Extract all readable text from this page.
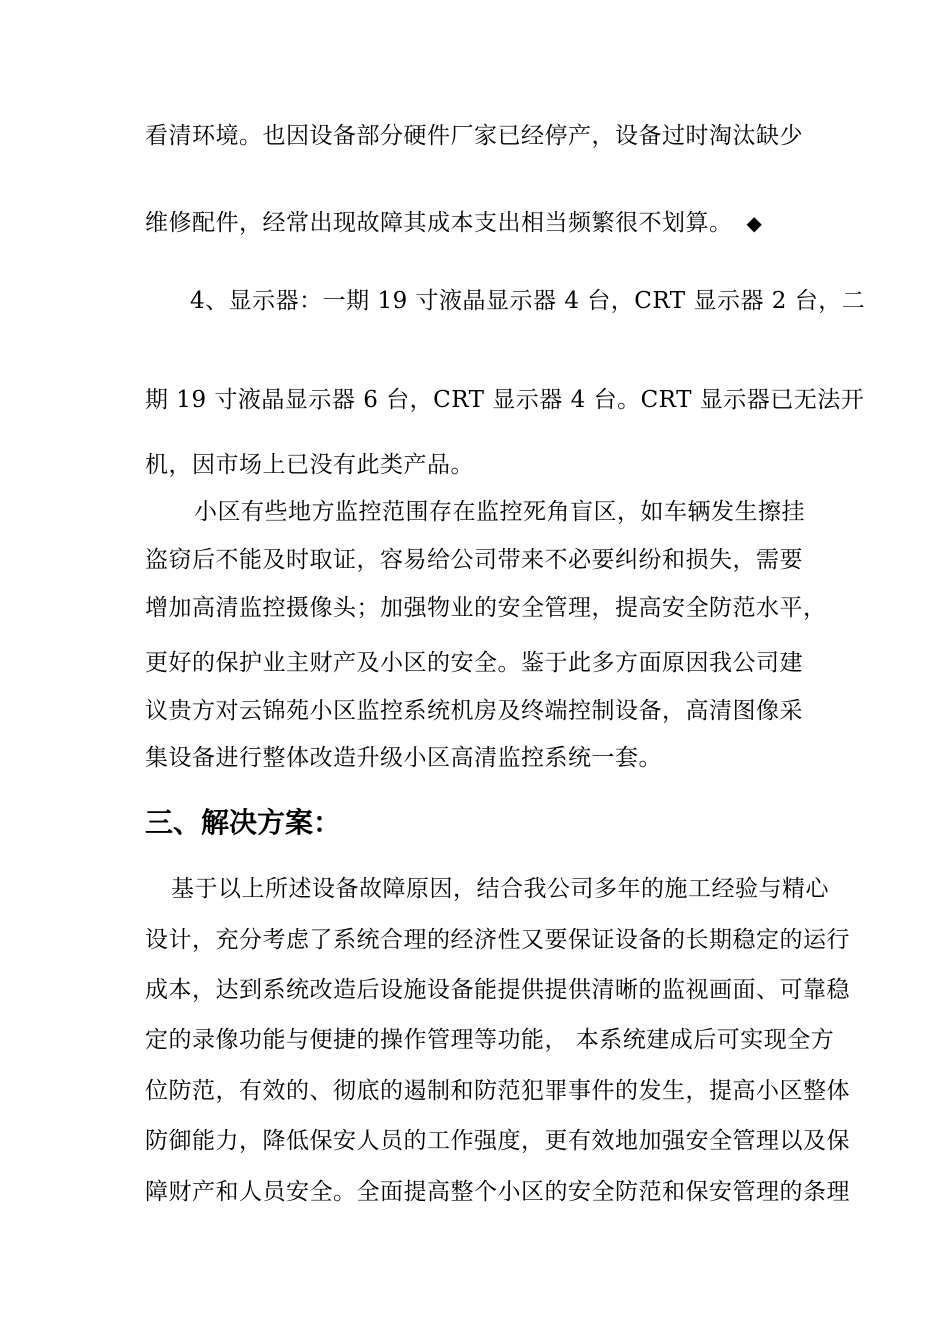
看清环境。也因设备部分硬件厂家已经停产，设备过时淘汰缺少
维修配件，经常出现故障其成本支出相当频繁很不划算。 ◆
4、显示器：一期 19 寸液晶显示器 4 台，CRT 显示器 2 台，二
期 19 寸液晶显示器 6 台，CRT 显示器 4 台。CRT 显示器已无法开
机，因市场上已没有此类产品。
小区有些地方监控范围存在监控死角盲区，如车辆发生擦挂
盗窃后不能及时取证，容易给公司带来不必要纠纷和损失，需要
增加高清监控摄像头；加强物业的安全管理，提高安全防范水平，
更好的保护业主财产及小区的安全。鉴于此多方面原因我公司建
议贵方对云锦苑小区监控系统机房及终端控制设备，高清图像采
集设备进行整体改造升级小区高清监控系统一套。
三、解决方案：
基于以上所述设备故障原因，结合我公司多年的施工经验与精心
设计，充分考虑了系统合理的经济性又要保证设备的长期稳定的运行
成本，达到系统改造后设施设备能提供提供清晰的监视画面、可靠稳
定的录像功能与便捷的操作管理等功能， 本系统建成后可实现全方
位防范，有效的、彻底的遏制和防范犯罪事件的发生，提高小区整体
防御能力，降低保安人员的工作强度，更有效地加强安全管理以及保
障财产和人员安全。全面提高整个小区的安全防范和保安管理的条理
